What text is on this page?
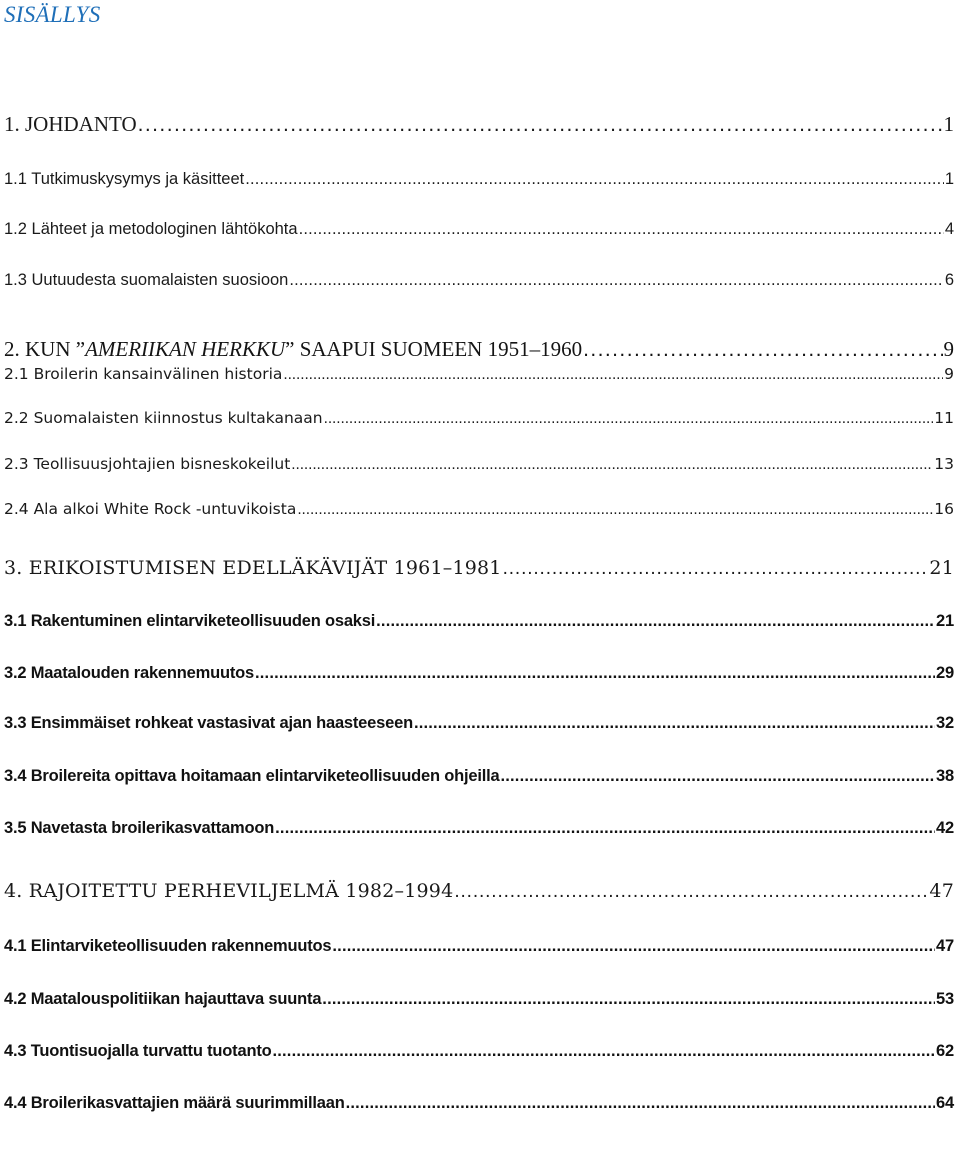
SISÄLLYS
1. JOHDANTO . . .	1
1.1 Tutkimuskysymys ja käsitteet . . .	1
1.2 Lähteet ja metodologinen lähtökohta . . .	4
1.3 Uutuudesta suomalaisten suosioon . . .	6
2. KUN ”AMERIIKAN HERKKU” SAAPUI SUOMEEN 1951–1960 . . .	9
2.1 Broilerin kansainvälinen historia . . .	9
2.2 Suomalaisten kiinnostus kultakanaan . . .	11
2.3 Teollisuusjohtajien bisneskokeilut . . .	13
2.4 Ala alkoi White Rock -untuvikoista . . .	16
3. ERIKOISTUMISEN EDELLÄKÄVIJÄT 1961–1981 . . .	21
3.1 Rakentuminen elintarviketeollisuuden osaksi . . .	21
3.2 Maatalouden rakennemuutos . . .	29
3.3 Ensimmäiset rohkeat vastasivat ajan haasteeseen . . .	32
3.4 Broilereita opittava hoitamaan elintarviketeollisuuden ohjeilla . . .	38
3.5 Navetasta broilerikasvattamoon . . .	42
4. RAJOITETTU PERHEVILJELMÄ 1982–1994 . . .	47
4.1 Elintarviketeollisuuden rakennemuutos . . .	47
4.2 Maatalouspolitiikan hajauttava suunta . . .	53
4.3 Tuontisuojalla turvattu tuotanto . . .	62
4.4 Broilerikasvattajien määrä suurimmillaan . . .	64
